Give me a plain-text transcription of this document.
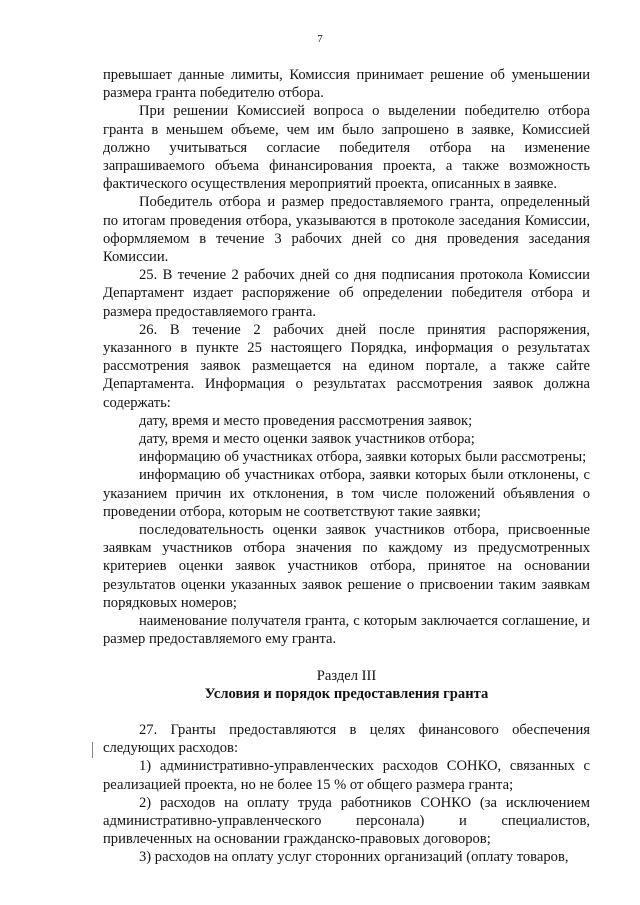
7

превышает данные лимиты, Комиссия принимает решение об уменьшении размера гранта победителю отбора.

При решении Комиссией вопроса о выделении победителю отбора гранта в меньшем объеме, чем им было запрошено в заявке, Комиссией должно учитываться согласие победителя отбора на изменение запрашиваемого объема финансирования проекта, а также возможность фактического осуществления мероприятий проекта, описанных в заявке.

Победитель отбора и размер предоставляемого гранта, определенный по итогам проведения отбора, указываются в протоколе заседания Комиссии, оформляемом в течение 3 рабочих дней со дня проведения заседания Комиссии.

25. В течение 2 рабочих дней со дня подписания протокола Комиссии Департамент издает распоряжение об определении победителя отбора и размера предоставляемого гранта.

26. В течение 2 рабочих дней после принятия распоряжения, указанного в пункте 25 настоящего Порядка, информация о результатах рассмотрения заявок размещается на едином портале, а также сайте Департамента. Информация о результатах рассмотрения заявок должна содержать:

дату, время и место проведения рассмотрения заявок;

дату, время и место оценки заявок участников отбора;

информацию об участниках отбора, заявки которых были рассмотрены;

информацию об участниках отбора, заявки которых были отклонены, с указанием причин их отклонения, в том числе положений объявления о проведении отбора, которым не соответствуют такие заявки;

последовательность оценки заявок участников отбора, присвоенные заявкам участников отбора значения по каждому из предусмотренных критериев оценки заявок участников отбора, принятое на основании результатов оценки указанных заявок решение о присвоении таким заявкам порядковых номеров;

наименование получателя гранта, с которым заключается соглашение, и размер предоставляемого ему гранта.

Раздел III

Условия и порядок предоставления гранта

27. Гранты предоставляются в целях финансового обеспечения следующих расходов:

1) административно-управленческих расходов СОНКО, связанных с реализацией проекта, но не более 15 % от общего размера гранта;

2) расходов на оплату труда работников СОНКО (за исключением административно-управленческого персонала) и специалистов, привлеченных на основании гражданско-правовых договоров;

3) расходов на оплату услуг сторонних организаций (оплату товаров,
